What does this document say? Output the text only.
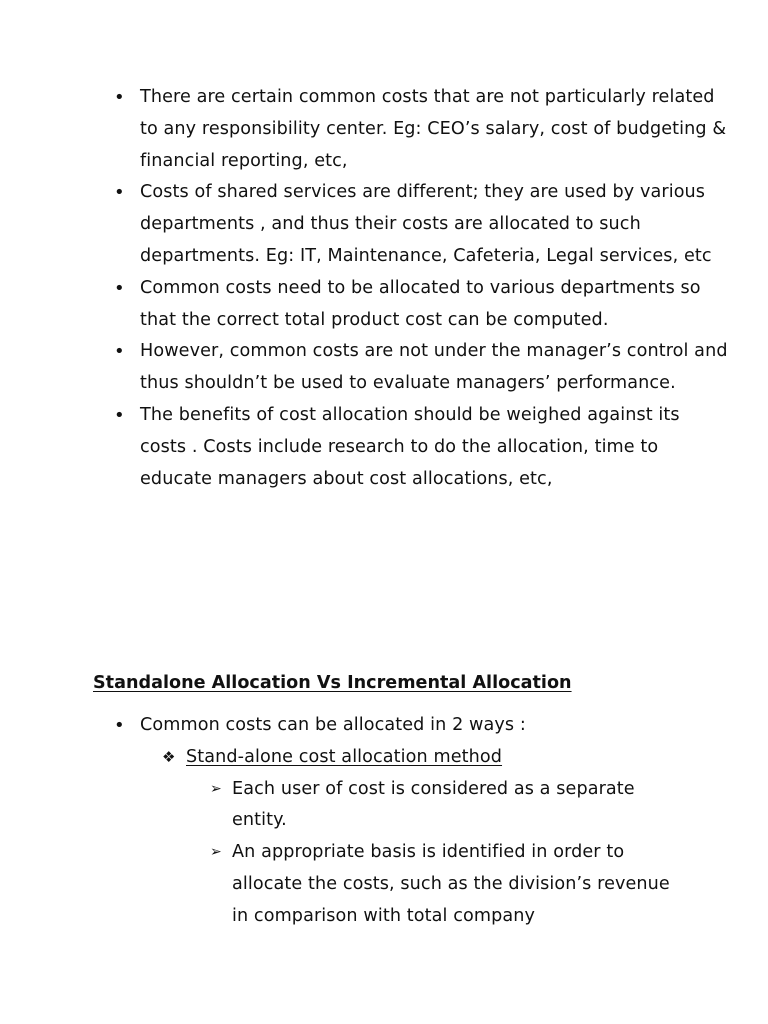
• There are certain common costs that are not particularly related to any responsibility center. Eg: CEO’s salary, cost of budgeting & financial reporting, etc,
• Costs of shared services are different; they are used by various departments , and thus their costs are allocated to such departments. Eg: IT, Maintenance, Cafeteria, Legal services, etc
• Common costs need to be allocated to various departments so that the correct total product cost can be computed.
• However, common costs are not under the manager’s control and thus shouldn’t be used to evaluate managers’ performance.
• The benefits of cost allocation should be weighed against its costs . Costs include research to do the allocation, time to educate managers about cost allocations, etc,
Standalone Allocation Vs Incremental Allocation
• Common costs can be allocated in 2 ways :
❖ Stand-alone cost allocation method
➢ Each user of cost is considered as a separate entity.
➢ An appropriate basis is identified in order to allocate the costs, such as the division’s revenue in comparison with total company
